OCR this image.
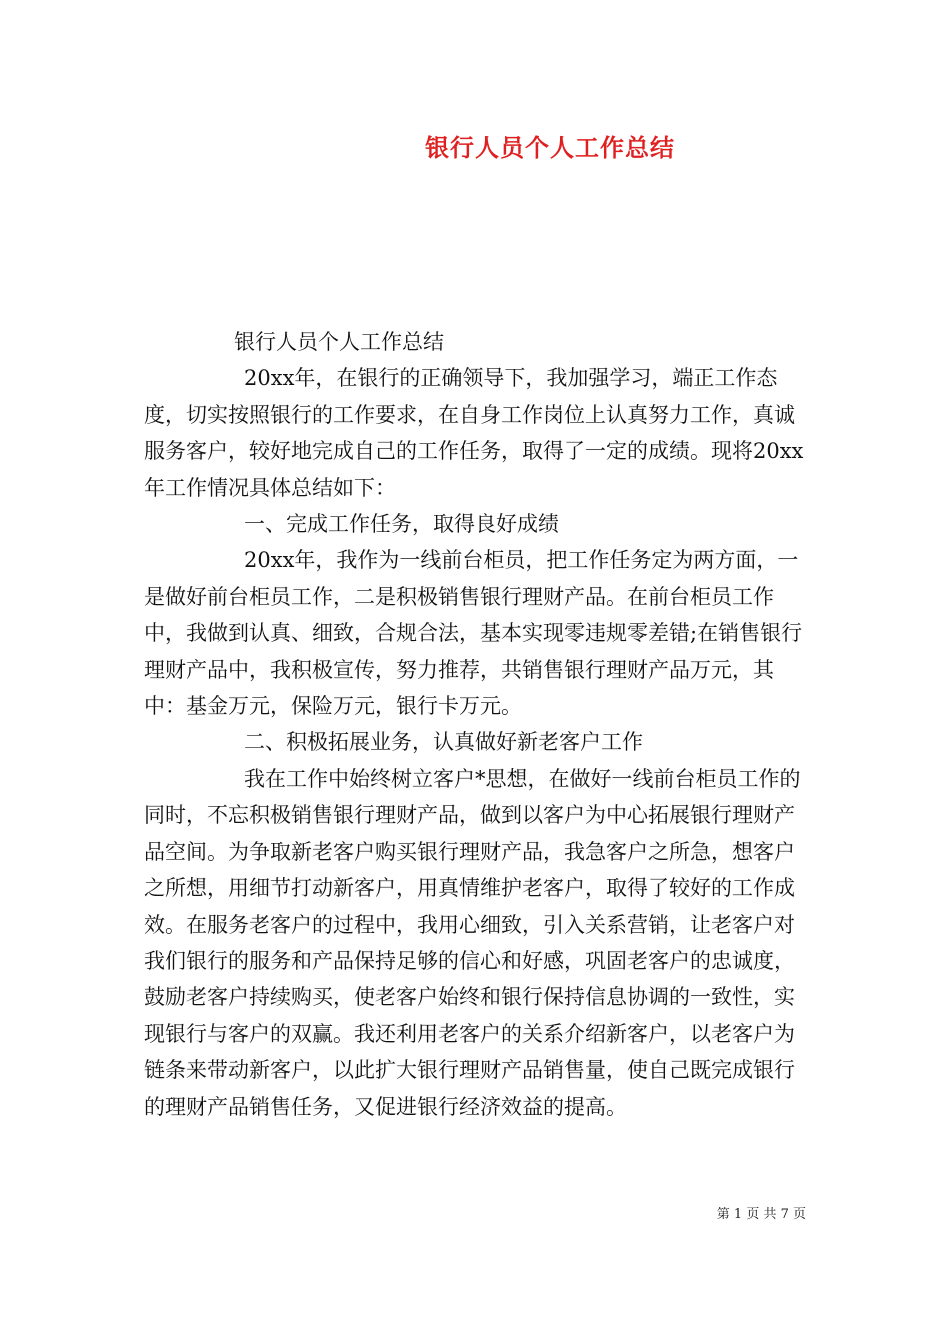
银行人员个人工作总结

银行人员个人工作总结

20xx年，在银行的正确领导下，我加强学习，端正工作态度，切实按照银行的工作要求，在自身工作岗位上认真努力工作，真诚服务客户，较好地完成自己的工作任务，取得了一定的成绩。现将20xx年工作情况具体总结如下：

一、完成工作任务，取得良好成绩

20xx年，我作为一线前台柜员，把工作任务定为两方面，一是做好前台柜员工作，二是积极销售银行理财产品。在前台柜员工作中，我做到认真、细致，合规合法，基本实现零违规零差错;在销售银行理财产品中，我积极宣传，努力推荐，共销售银行理财产品万元，其中：基金万元，保险万元，银行卡万元。

二、积极拓展业务，认真做好新老客户工作

我在工作中始终树立客户*思想，在做好一线前台柜员工作的同时，不忘积极销售银行理财产品，做到以客户为中心拓展银行理财产品空间。为争取新老客户购买银行理财产品，我急客户之所急，想客户之所想，用细节打动新客户，用真情维护老客户，取得了较好的工作成效。在服务老客户的过程中，我用心细致，引入关系营销，让老客户对我们银行的服务和产品保持足够的信心和好感，巩固老客户的忠诚度，鼓励老客户持续购买，使老客户始终和银行保持信息协调的一致性，实现银行与客户的双赢。我还利用老客户的关系介绍新客户，以老客户为链条来带动新客户，以此扩大银行理财产品销售量，使自己既完成银行的理财产品销售任务，又促进银行经济效益的提高。

第 1 页 共 7 页
